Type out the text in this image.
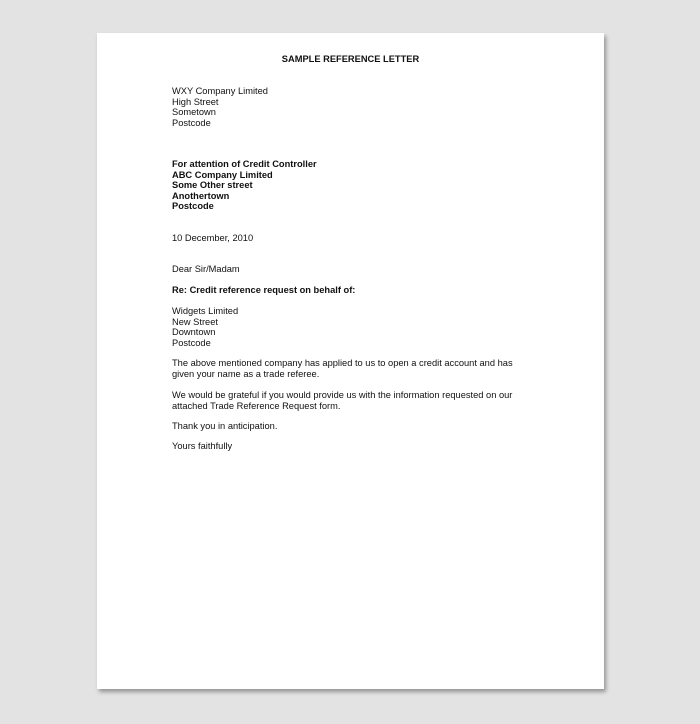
SAMPLE REFERENCE LETTER
WXY Company Limited
High Street
Sometown
Postcode
For attention of Credit Controller
ABC Company Limited
Some Other street
Anothertown
Postcode
10 December, 2010
Dear Sir/Madam
Re: Credit reference request on behalf of:
Widgets Limited
New Street
Downtown
Postcode
The above mentioned company has applied to us to open a credit account and has
given your name as a trade referee.
We would be grateful if you would provide us with the information requested on our
attached Trade Reference Request form.
Thank you in anticipation.
Yours faithfully
